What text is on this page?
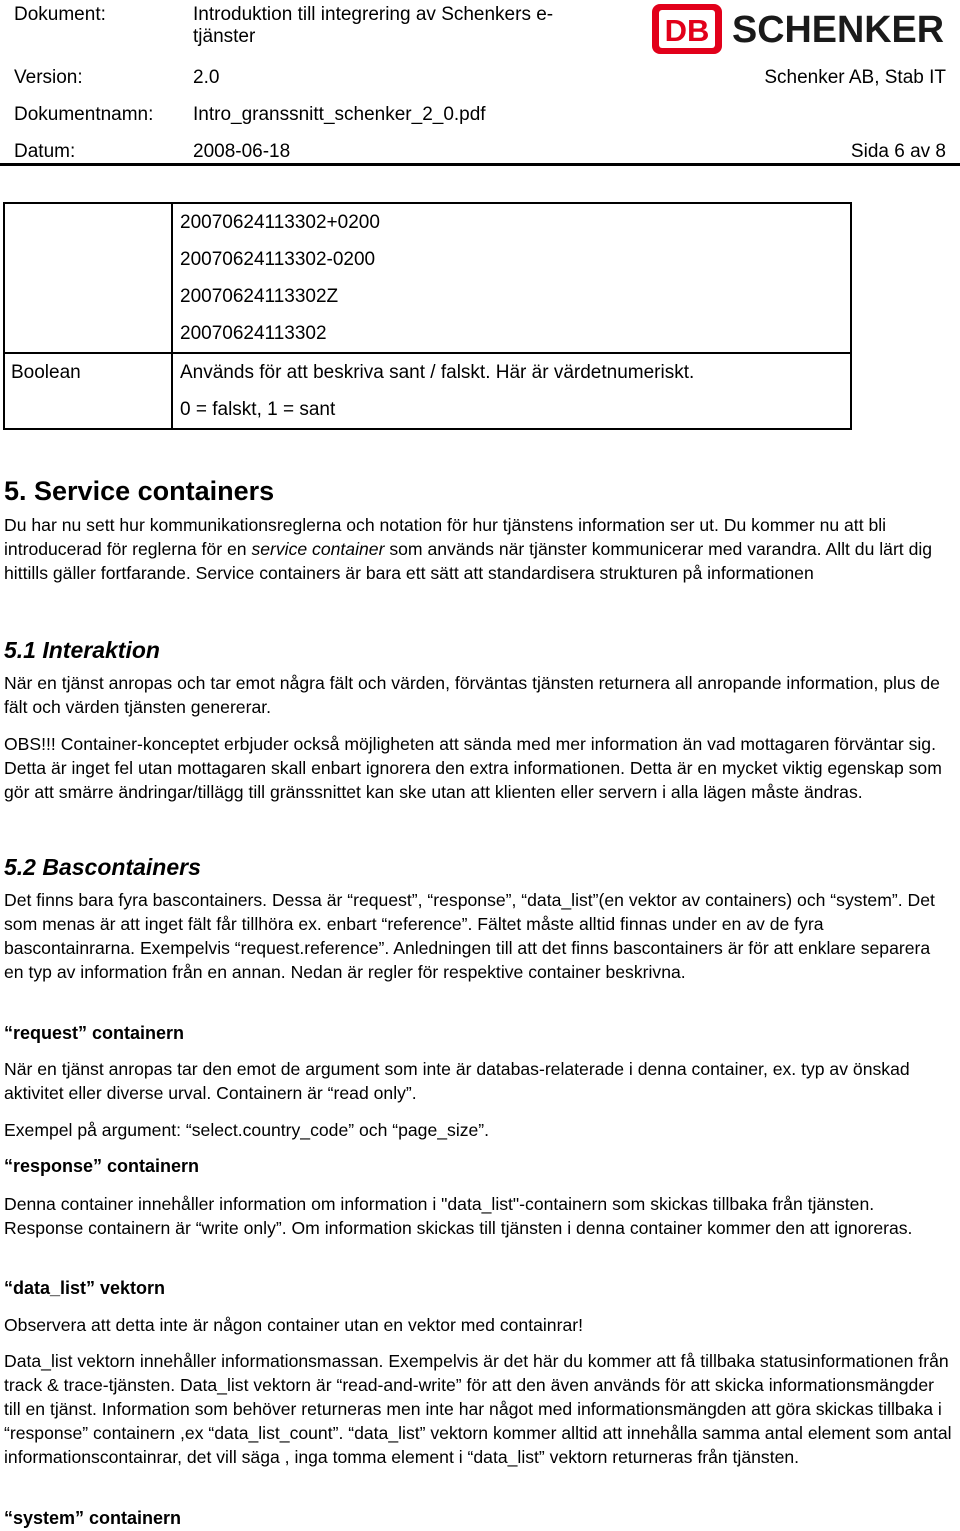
Dokument:	Introduktion till integrering av Schenkers e-tjänster	DB SCHENKER
Version:	2.0	Schenker AB, Stab IT
Dokumentnamn: Intro_granssnitt_schenker_2_0.pdf
Datum:	2008-06-18	Sida 6 av 8

	20070624113302+0200
20070624113302-0200
20070624113302Z
20070624113302

Boolean	Används för att beskriva sant / falskt. Här är värdetnumeriskt.
0 = falskt, 1 = sant
5. Service containers
Du har nu sett hur kommunikationsreglerna och notation för hur tjänstens information ser ut. Du kommer nu att bli introducerad för reglerna för en service container som används när tjänster kommunicerar med varandra. Allt du lärt dig hittills gäller fortfarande. Service containers är bara ett sätt att standardisera strukturen på informationen
5.1 Interaktion
När en tjänst anropas och tar emot några fält och värden, förväntas tjänsten returnera all anropande information, plus de fält och värden tjänsten genererar.
OBS!!! Container-konceptet erbjuder också möjligheten att sända med mer information än vad mottagaren förväntar sig. Detta är inget fel utan mottagaren skall enbart ignorera den extra informationen. Detta är en mycket viktig egenskap som gör att smärre ändringar/tillägg till gränssnittet kan ske utan att klienten eller servern i alla lägen måste ändras.
5.2 Bascontainers
Det finns bara fyra bascontainers. Dessa är “request”, “response”, “data_list”(en vektor av containers) och “system”. Det som menas är att inget fält får tillhöra ex. enbart “reference”. Fältet måste alltid finnas under en av de fyra bascontainrarna. Exempelvis “request.reference”. Anledningen till att det finns bascontainers är för att enklare separera en typ av information från en annan. Nedan är regler för respektive container beskrivna.
“request” containern
När en tjänst anropas tar den emot de argument som inte är databas-relaterade i denna container, ex. typ av önskad aktivitet eller diverse urval. Containern är “read only”.
Exempel på argument: “select.country_code” och “page_size”.
“response” containern
Denna container innehåller information om information i "data_list"-containern som skickas tillbaka från tjänsten. Response containern är “write only”. Om information skickas till tjänsten i denna container kommer den att ignoreras.
“data_list” vektorn
Observera att detta inte är någon container utan en vektor med containrar!
Data_list vektorn innehåller informationsmassan. Exempelvis är det här du kommer att få tillbaka statusinformationen från track & trace-tjänsten. Data_list vektorn är “read-and-write” för att den även används för att skicka informationsmängder till en tjänst. Information som behöver returneras men inte har något med informationsmängden att göra skickas tillbaka i “response” containern ,ex “data_list_count”. “data_list” vektorn kommer alltid att innehålla samma antal element som antal informationscontainrar, det vill säga , inga tomma element i “data_list” vektorn returneras från tjänsten.
“system” containern
